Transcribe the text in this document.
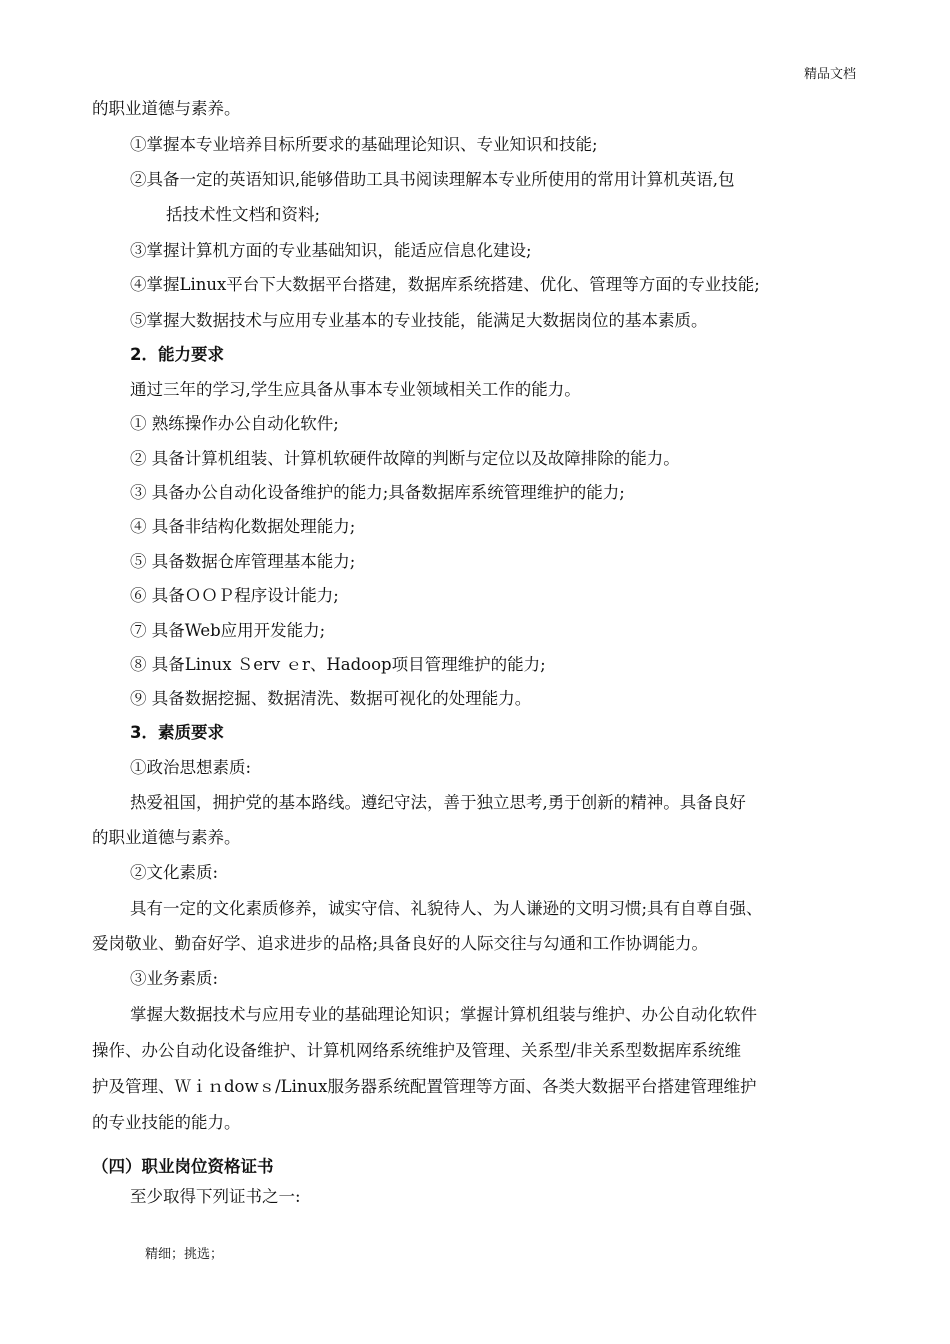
精品文档
的职业道德与素养。
①掌握本专业培养目标所要求的基础理论知识、专业知识和技能;
②具备一定的英语知识,能够借助工具书阅读理解本专业所使用的常用计算机英语,包
括技术性文档和资料;
③掌握计算机方面的专业基础知识，能适应信息化建设;
④掌握Linux平台下大数据平台搭建，数据库系统搭建、优化、管理等方面的专业技能;
⑤掌握大数据技术与应用专业基本的专业技能，能满足大数据岗位的基本素质。
2．能力要求
通过三年的学习,学生应具备从事本专业领域相关工作的能力。
① 熟练操作办公自动化软件;
② 具备计算机组装、计算机软硬件故障的判断与定位以及故障排除的能力。
③ 具备办公自动化设备维护的能力;具备数据库系统管理维护的能力;
④ 具备非结构化数据处理能力;
⑤ 具备数据仓库管理基本能力;
⑥ 具备ＯＯＰ程序设计能力;
⑦ 具备Web应用开发能力;
⑧ 具备Linux Ｓerv ｅr、Hadoop项目管理维护的能力;
⑨ 具备数据挖掘、数据清洗、数据可视化的处理能力。
3．素质要求
①政治思想素质:
热爱祖国，拥护党的基本路线。遵纪守法，善于独立思考,勇于创新的精神。具备良好
的职业道德与素养。
②文化素质:
具有一定的文化素质修养，诚实守信、礼貌待人、为人谦逊的文明习惯;具有自尊自强、
爱岗敬业、勤奋好学、追求进步的品格;具备良好的人际交往与勾通和工作协调能力。
③业务素质:
掌握大数据技术与应用专业的基础理论知识；掌握计算机组装与维护、办公自动化软件
操作、办公自动化设备维护、计算机网络系统维护及管理、关系型/非关系型数据库系统维
护及管理、Ｗｉｎdowｓ/Linux服务器系统配置管理等方面、各类大数据平台搭建管理维护
的专业技能的能力。
（四）职业岗位资格证书
至少取得下列证书之一:
精细；挑选；
